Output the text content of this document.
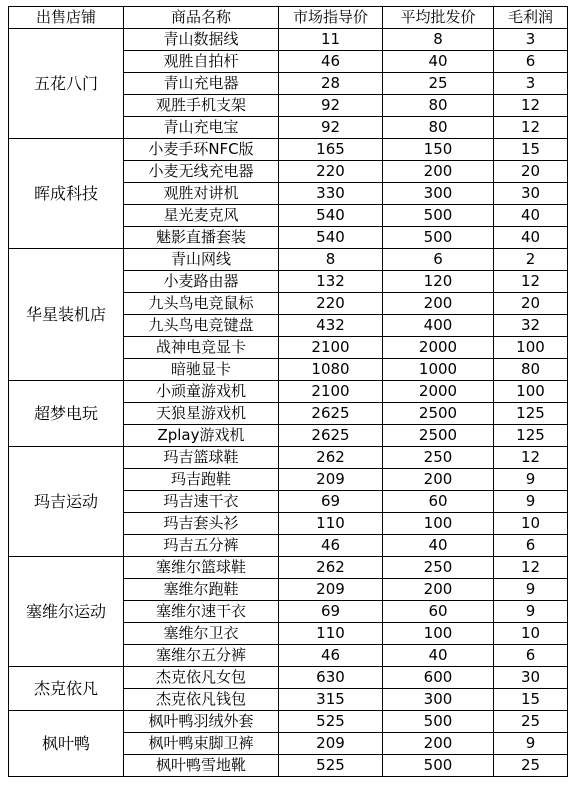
出售店铺	商品名称	市场指导价	平均批发价	毛利润
五花八门	青山数据线	11	8	3
	观胜自拍杆	46	40	6
	青山充电器	28	25	3
	观胜手机支架	92	80	12
	青山充电宝	92	80	12
晖成科技	小麦手环NFC版	165	150	15
	小麦无线充电器	220	200	20
	观胜对讲机	330	300	30
	星光麦克风	540	500	40
	魅影直播套装	540	500	40
华星装机店	青山网线	8	6	2
	小麦路由器	132	120	12
	九头鸟电竞鼠标	220	200	20
	九头鸟电竞键盘	432	400	32
	战神电竞显卡	2100	2000	100
	暗驰显卡	1080	1000	80
超梦电玩	小顽童游戏机	2100	2000	100
	天狼星游戏机	2625	2500	125
	Zplay游戏机	2625	2500	125
玛吉运动	玛吉篮球鞋	262	250	12
	玛吉跑鞋	209	200	9
	玛吉速干衣	69	60	9
	玛吉套头衫	110	100	10
	玛吉五分裤	46	40	6
塞维尔运动	塞维尔篮球鞋	262	250	12
	塞维尔跑鞋	209	200	9
	塞维尔速干衣	69	60	9
	塞维尔卫衣	110	100	10
	塞维尔五分裤	46	40	6
杰克依凡	杰克依凡女包	630	600	30
	杰克依凡钱包	315	300	15
枫叶鸭	枫叶鸭羽绒外套	525	500	25
	枫叶鸭束脚卫裤	209	200	9
	枫叶鸭雪地靴	525	500	25
